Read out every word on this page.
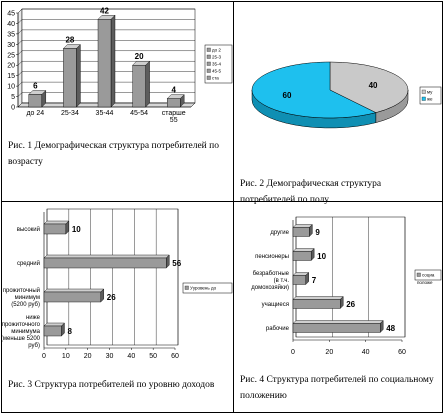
0
5
10
15
20
25
30
35
40
45
6
до 24
28
25-34
42
35-44
20
45-54
4
старше 55
до 2
25-3
35-4
45-5
ста
40
60	му
же
0 10 20 30 40 50 60
10
высокий
56
средний
26
прожиточный минимум (5200 руб)
8
ниже прожиточного минимума (меньше 5200 руб)
Ууровень до
0	20	40	60
9
другие
10
пенсионеры
7
безработные (в т.ч. домохозяйки)
26
учащиеся
48
рабочие
социа
положе
Рис. 1 Демографическая структура потребителей по возрасту
Рис. 2 Демографическая структура потребителей по полу
Рис. 3 Структура потребителей по уровню доходов	Рис. 4 Структура потребителей по социальному положению
